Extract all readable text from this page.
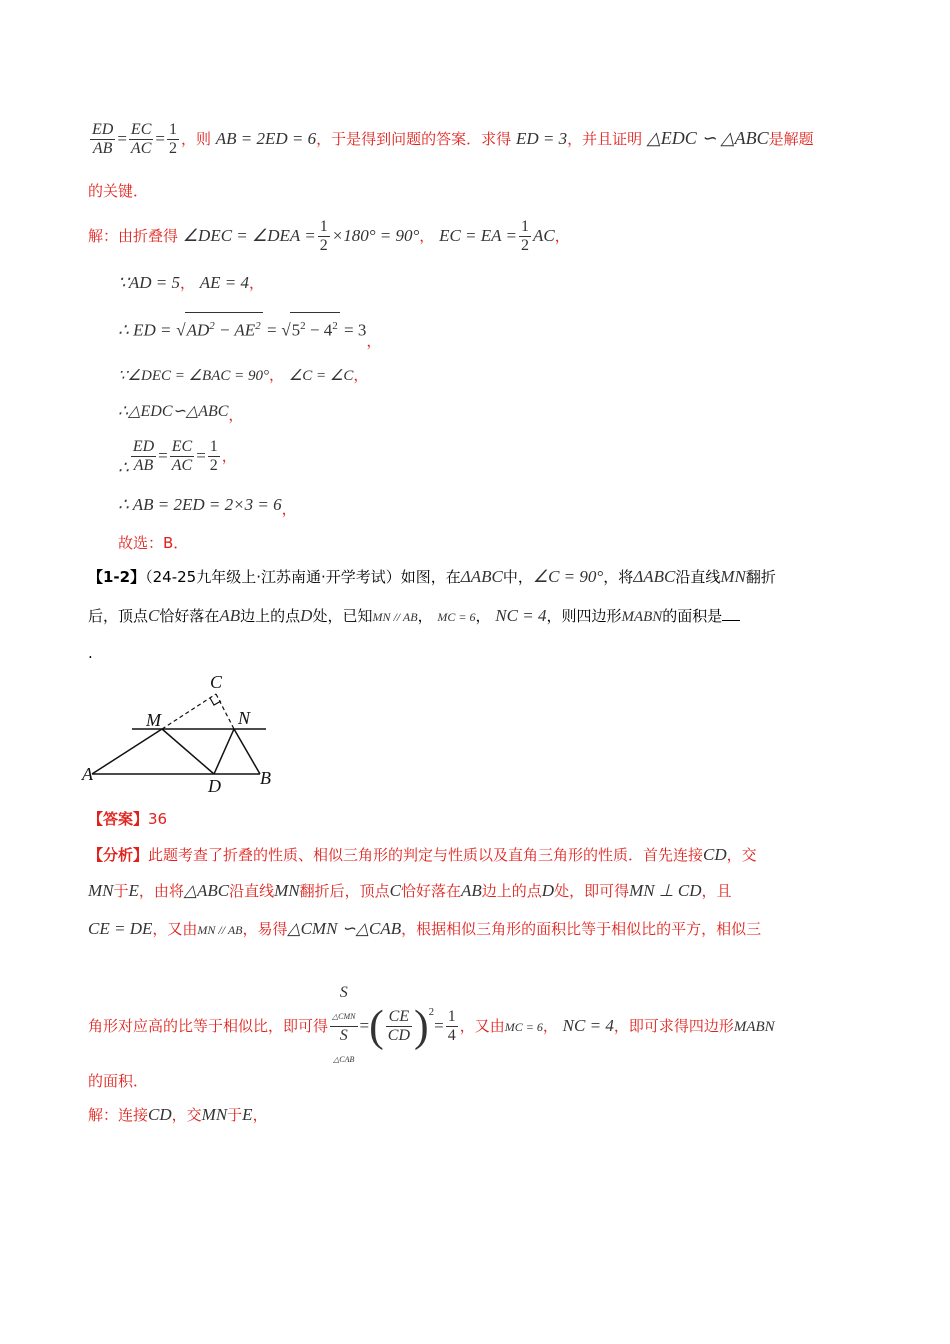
$\frac{ED}{AB} = \frac{EC}{AC} = \frac{1}{2}$ ，则 AB = 2ED = 6，于是得到问题的答案．求得 ED = 3，并且证明 △EDC ∽ △ABC是解题
的关键．
解：由折叠得 ∠DEC = ∠DEA = $\frac{1}{2} \times 180^\circ = 90^\circ$， EC = EA = $\frac{1}{2}$ AC，
∵AD = 5， AE = 4，
∴ ED = $√AD^2 - AE^2 = √5^2 - 4^2 = 3$，
∵∠DEC = ∠BAC = 90°， ∠C = ∠C，
∴△EDC∽△ABC，
∴ $\frac{ED}{AB} = \frac{EC}{AC} = \frac{1}{2}$ ，
∴ AB = 2ED = 2×3 = 6，
故选：B．
【1-2】（24-25九年级上·江苏南通·开学考试）如图，在ΔABC中，∠C = 90°，将ΔABC沿直线MN翻折
后，顶点C恰好落在AB边上的点D处，已知MN // AB， MC = 6， NC = 4，则四边形MABN的面积是
.
C
M	N
A
D B
【答案】36
【分析】此题考查了折叠的性质、相似三角形的判定与性质以及直角三角形的性质．首先连接CD，交
MN于E，由将△ABC沿直线MN翻折后，顶点C恰好落在AB边上的点D处，即可得MN ⊥ CD，且
CE = DE，又由MN // AB，易得△CMN ∽△CAB，根据相似三角形的面积比等于相似比的平方，相似三
角形对应高的比等于相似比，即可得 S
$_{\triangle CMN}$
S
$_{\triangle CAB}$ =( $\frac{CE}{CD} )^2= \frac{1}{4}$ ，又由MC = 6， NC = 4，即可求得四边形MABN
的面积．
解：连接CD，交MN于E，
